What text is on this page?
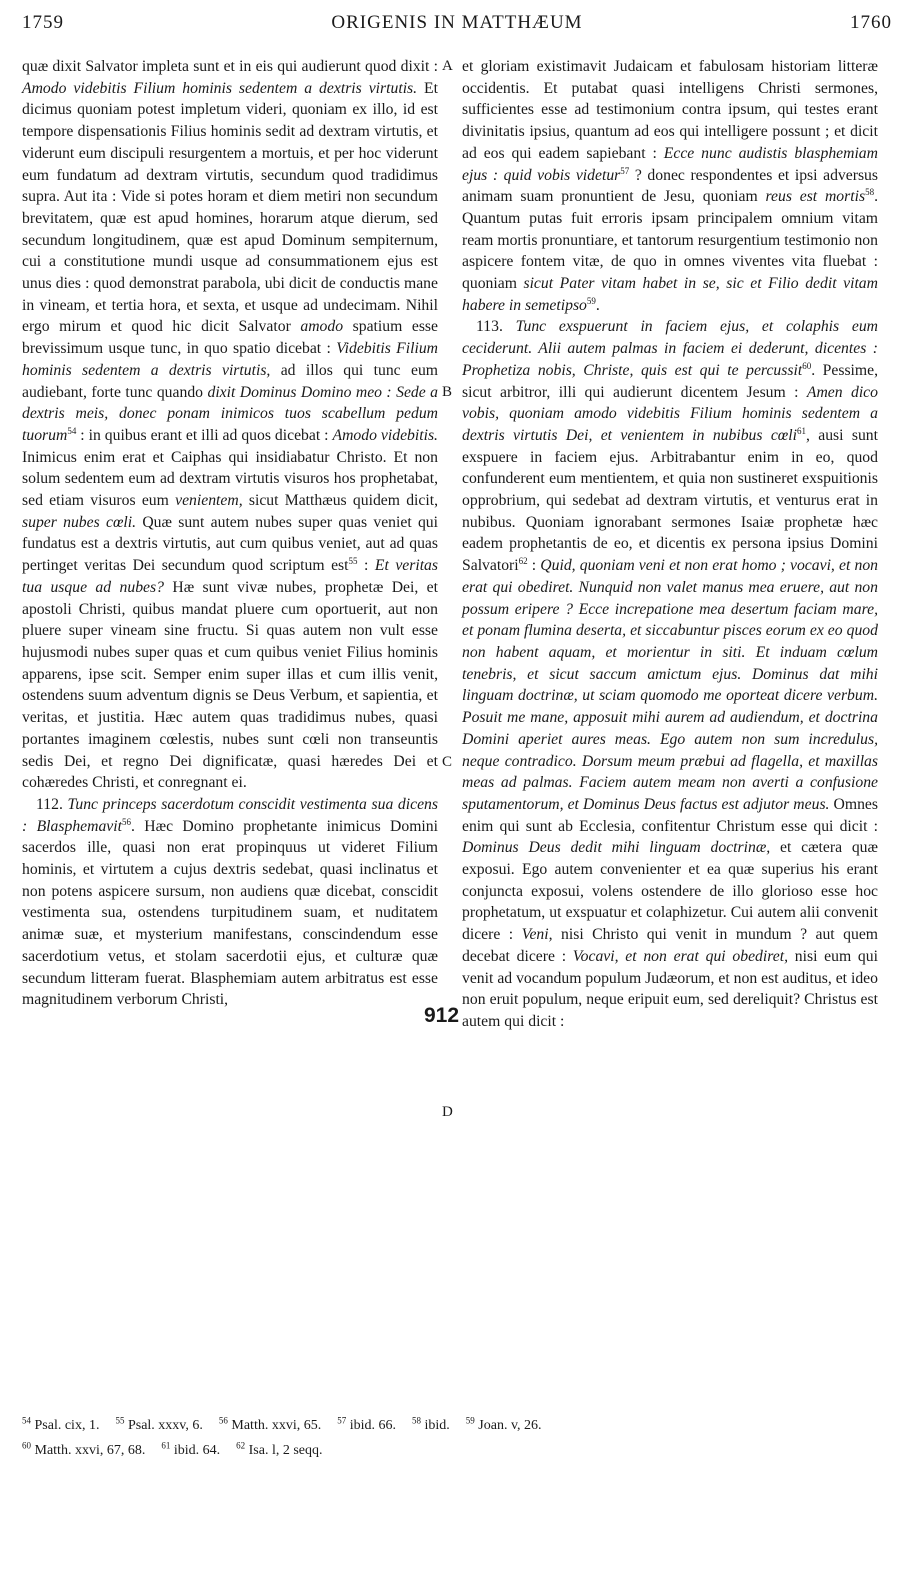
1759	ORIGENIS IN MATTHÆUM	1760

quæ dixit Salvator impleta sunt et in eis qui audierunt quod dixit : Amodo videbitis Filium hominis sedentem a dextris virtutis. Et dicimus quoniam potest impletum videri, quoniam ex illo, id est tempore dispensationis Filius hominis sedit ad dextram virtutis, et viderunt eum discipuli resurgentem a mortuis, et per hoc viderunt eum fundatum ad dextram virtutis, secundum quod tradidimus supra. Aut ita : Vide si potes horam et diem metiri non secundum brevitatem, quæ est apud homines, horarum atque dierum, sed secundum longitudinem, quæ est apud Dominum sempiternum, cui a constitutione mundi usque ad consummationem ejus est unus dies : quod demonstrat parabola, ubi dicit de conductis mane in vineam, et tertia hora, et sexta, et usque ad undecimam. Nihil ergo mirum et quod hic dicit Salvator amodo spatium esse brevissimum usque tunc, in quo spatio dicebat : Videbitis Filium hominis sedentem a dextris virtutis, ad illos qui tunc eum audiebant, forte tunc quando dixit Dominus Domino meo : Sede a dextris meis, donec ponam inimicos tuos scabellum pedum tuorum$^{54}$ : in quibus erant et illi ad quos dicebat : Amodo videbitis. Inimicus enim erat et Caiphas qui insidiabatur Christo. Et non solum sedentem eum ad dextram virtutis visuros hos prophetabat, sed etiam visuros eum venientem, sicut Matthæus quidem dicit, super nubes cœli. Quæ sunt autem nubes super quas veniet qui fundatus est a dextris virtutis, aut cum quibus veniet, aut ad quas pertinget veritas Dei secundum quod scriptum est$^{55}$ : Et veritas tua usque ad nubes? Hæ sunt vivæ nubes, prophetæ Dei, et apostoli Christi, quibus mandat pluere cum oportuerit, aut non pluere super vineam sine fructu. Si quas autem non vult esse hujusmodi nubes super quas et cum quibus veniet Filius hominis apparens, ipse scit. Semper enim super illas et cum illis venit, ostendens suum adventum dignis se Deus Verbum, et sapientia, et veritas, et justitia. Hæc autem quas tradidimus nubes, quasi portantes imaginem cœlestis, nubes sunt cœli non transeuntis sedis Dei, et regno Dei dignificatæ, quasi hæredes Dei et cohæredes Christi, et conregnant ei.

112. Tunc princeps sacerdotum conscidit vestimenta sua dicens : Blasphemavit$^{56}$. Hæc Domino prophetante inimicus Domini sacerdos ille, quasi non erat propinquus ut videret Filium hominis, et virtutem a cujus dextris sedebat, quasi inclinatus et non potens aspicere sursum, non audiens quæ dicebat, conscidit vestimenta sua, ostendens turpitudinem suam, et nuditatem animæ suæ, et mysterium manifestans, conscindendum esse sacerdotium vetus, et stolam sacerdotii ejus, et culturæ quæ secundum litteram fuerat. Blasphemiam autem arbitratus est esse magnitudinem verborum Christi,

et gloriam existimavit Judaicam et fabulosam historiam litteræ occidentis. Et putabat quasi intelligens Christi sermones, sufficientes esse ad testimonium contra ipsum, qui testes erant divinitatis ipsius, quantum ad eos qui intelligere possunt ; et dicit ad eos qui eadem sapiebant : Ecce nunc audistis blasphemiam ejus : quid vobis videtur$^{57}$ ? donec respondentes et ipsi adversus animam suam pronuntient de Jesu, quoniam reus est mortis$^{58}$. Quantum putas fuit erroris ipsam principalem omnium vitam ream mortis pronuntiare, et tantorum resurgentium testimonio non aspicere fontem vitæ, de quo in omnes viventes vita fluebat : quoniam sicut Pater vitam habet in se, sic et Filio dedit vitam habere in semetipso$^{59}$.

113. Tunc exspuerunt in faciem ejus, et colaphis eum ceciderunt. Alii autem palmas in faciem ei dederunt, dicentes : Prophetiza nobis, Christe, quis est qui te percussit$^{60}$. Pessime, sicut arbitror, illi qui audierunt dicentem Jesum : Amen dico vobis, quoniam amodo videbitis Filium hominis sedentem a dextris virtutis Dei, et venientem in nubibus cœli$^{61}$, ausi sunt exspuere in faciem ejus. Arbitrabantur enim in eo, quod confunderent eum mentientem, et quia non sustineret exspuitionis opprobrium, qui sedebat ad dextram virtutis, et venturus erat in nubibus. Quoniam ignorabant sermones Isaiæ prophetæ hæc eadem prophetantis de eo, et dicentis ex persona ipsius Domini Salvatori$^{62}$ : Quid, quoniam veni et non erat homo ; vocavi, et non erat qui obediret. Nunquid non valet manus mea eruere, aut non possum eripere ? Ecce increpatione mea desertum faciam mare, et ponam flumina deserta, et siccabuntur pisces eorum ex eo quod non habent aquam, et morientur in siti. Et induam cœlum tenebris, et sicut saccum amictum ejus. Dominus dat mihi linguam doctrinæ, ut sciam quomodo me oporteat dicere verbum. Posuit me mane, apposuit mihi aurem ad audiendum, et doctrina Domini aperiet aures meas. Ego autem non sum incredulus, neque contradico. Dorsum meum præbui ad flagella, et maxillas meas ad palmas. Faciem autem meam non averti a confusione sputamentorum, et Dominus Deus factus est adjutor meus. Omnes enim qui sunt ab Ecclesia, confitentur Christum esse qui dicit : Dominus Deus dedit mihi linguam doctrinæ, et cætera quæ exposui. Ego autem convenienter et ea quæ superius his erant conjuncta exposui, volens ostendere de illo glorioso esse hoc prophetatum, ut exspuatur et colaphizetur. Cui autem alii convenit dicere : Veni, nisi Christo qui venit in mundum ? aut quem decebat dicere : Vocavi, et non erat qui obediret, nisi eum qui venit ad vocandum populum Judæorum, et non est auditus, et ideo non eruit populum, neque eripuit eum, sed dereliquit? Christus est autem qui dicit :

A
B
C
D
912
$^{54}$ Psal. cix, 1. $^{55}$ Psal. xxxv, 6. $^{56}$ Matth. xxvi, 65. $^{57}$ ibid. 66. $^{58}$ ibid. $^{59}$ Joan. v, 26.
$^{60}$ Matth. xxvi, 67, 68. $^{61}$ ibid. 64. $^{62}$ Isa. l, 2 seqq.
